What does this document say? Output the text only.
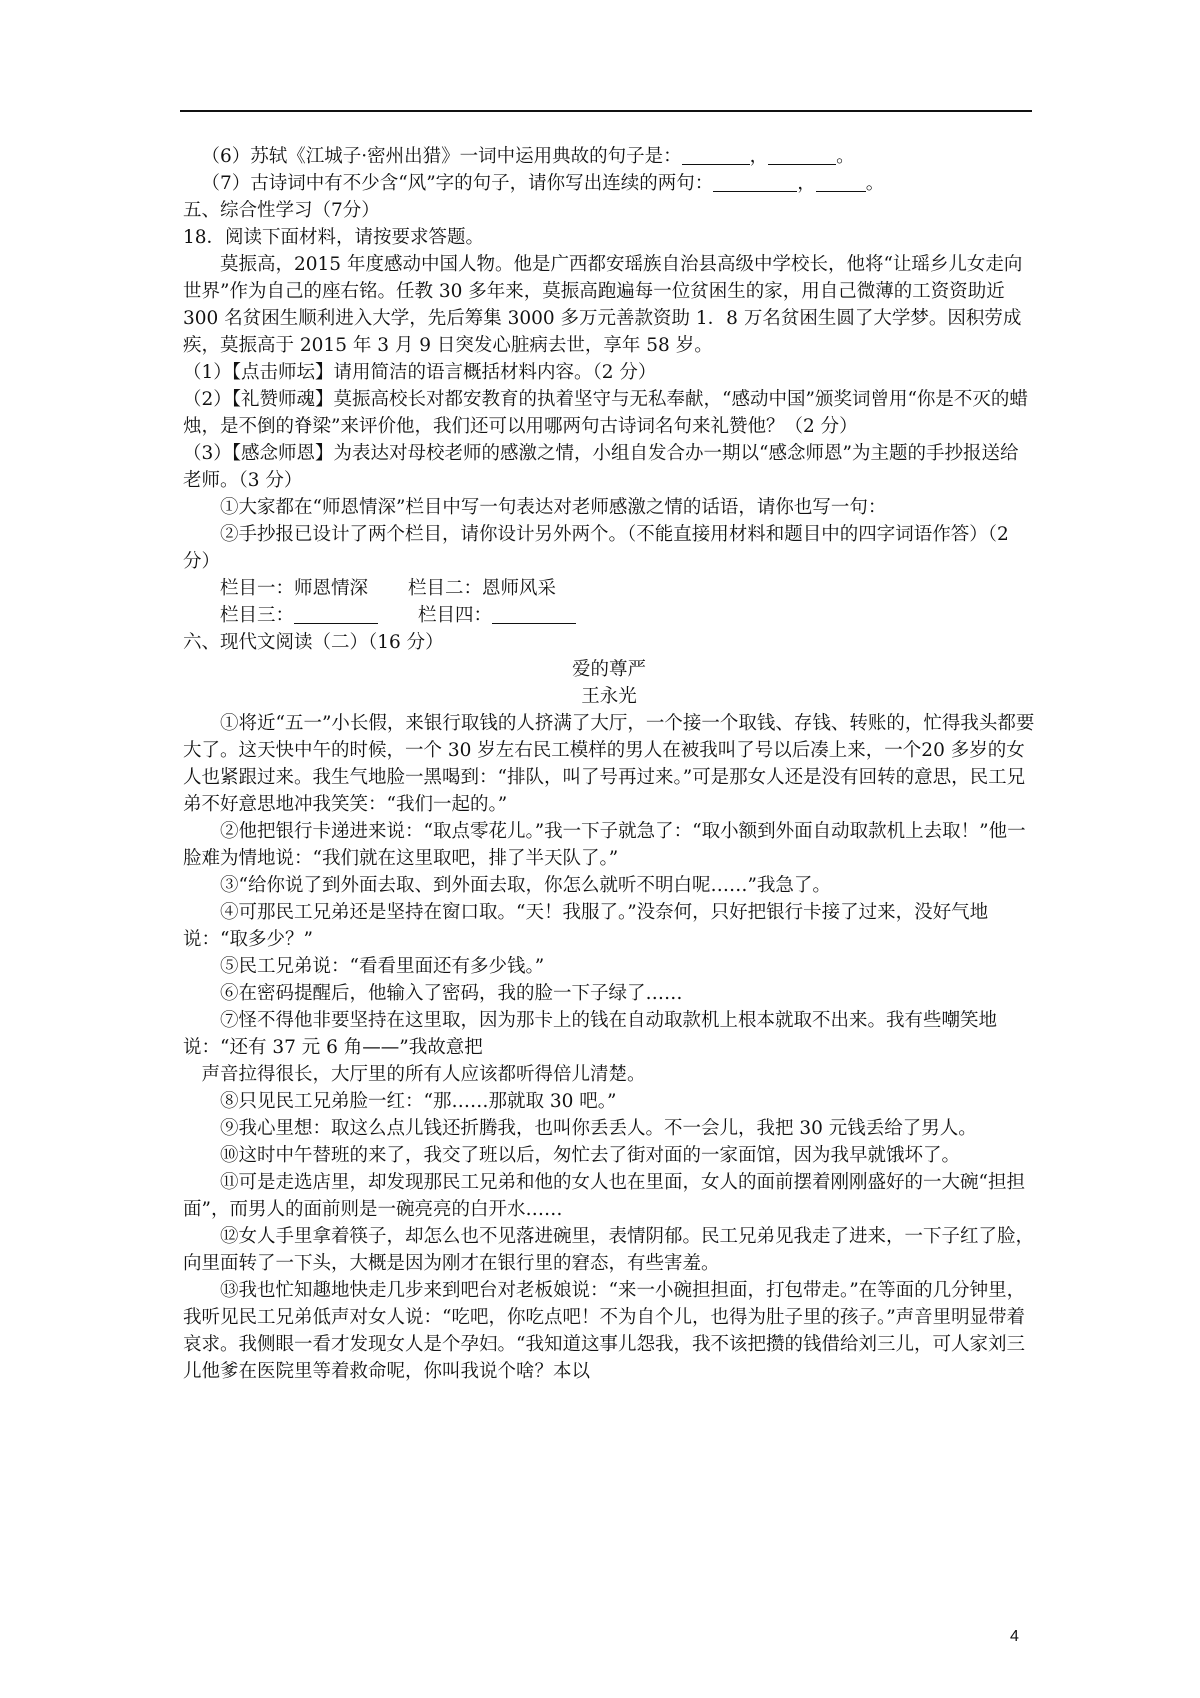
（6）苏轼《江城子·密州出猎》一词中运用典故的句子是：	，	。

（7）古诗词中有不少含“风”字的句子，请你写出连续的两句：	，	。

五、综合性学习（7分）

18．阅读下面材料，请按要求答题。

莫振高，2015 年度感动中国人物。他是广西都安瑶族自治县高级中学校长，他将“让瑶乡儿女走向世界”作为自己的座右铭。任教 30 多年来，莫振高跑遍每一位贫困生的家，用自己微薄的工资资助近 300 名贫困生顺利进入大学，先后筹集 3000 多万元善款资助 1．8 万名贫困生圆了大学梦。因积劳成疾，莫振高于 2015 年 3 月 9 日突发心脏病去世，享年 58 岁。

（1）【点击师坛】请用简洁的语言概括材料内容。（2 分）

（2）【礼赞师魂】莫振高校长对都安教育的执着坚守与无私奉献，“感动中国”颁奖词曾用“你是不灭的蜡烛，是不倒的脊梁”来评价他，我们还可以用哪两句古诗词名句来礼赞他？（2 分）

（3）【感念师恩】为表达对母校老师的感激之情，小组自发合办一期以“感念师恩”为主题的手抄报送给老师。（3 分）

①大家都在“师恩情深”栏目中写一句表达对老师感激之情的话语，请你也写一句：

②手抄报已设计了两个栏目，请你设计另外两个。（不能直接用材料和题目中的四字词语作答）（2 分）

栏目一：师恩情深 栏目二：恩师风采

栏目三：	栏目四：

六、现代文阅读（二）（16 分）

爱的尊严

王永光

①将近“五一”小长假，来银行取钱的人挤满了大厅，一个接一个取钱、存钱、转账的，忙得我头都要大了。这天快中午的时候，一个 30 岁左右民工模样的男人在被我叫了号以后凑上来，一个20 多岁的女人也紧跟过来。我生气地脸一黑喝到：“排队，叫了号再过来。”可是那女人还是没有回转的意思，民工兄弟不好意思地冲我笑笑：“我们一起的。”

②他把银行卡递进来说：“取点零花儿。”我一下子就急了：“取小额到外面自动取款机上去取！”他一脸难为情地说：“我们就在这里取吧，排了半天队了。”

③“给你说了到外面去取、到外面去取，你怎么就听不明白呢……”我急了。

④可那民工兄弟还是坚持在窗口取。“天！我服了。”没奈何，只好把银行卡接了过来，没好气地说：“取多少？”

⑤民工兄弟说：“看看里面还有多少钱。”

⑥在密码提醒后，他输入了密码，我的脸一下子绿了……

⑦怪不得他非要坚持在这里取，因为那卡上的钱在自动取款机上根本就取不出来。我有些嘲笑地说：“还有 37 元 6 角——”我故意把

声音拉得很长，大厅里的所有人应该都听得倍儿清楚。

⑧只见民工兄弟脸一红：“那……那就取 30 吧。”

⑨我心里想：取这么点儿钱还折腾我，也叫你丢丢人。不一会儿，我把 30 元钱丢给了男人。

⑩这时中午替班的来了，我交了班以后，匆忙去了街对面的一家面馆，因为我早就饿坏了。

⑪可是走选店里，却发现那民工兄弟和他的女人也在里面，女人的面前摆着刚刚盛好的一大碗“担担面”，而男人的面前则是一碗亮亮的白开水……

⑫女人手里拿着筷子，却怎么也不见落进碗里，表情阴郁。民工兄弟见我走了进来，一下子红了脸，向里面转了一下头，大概是因为刚才在银行里的窘态，有些害羞。

⑬我也忙知趣地快走几步来到吧台对老板娘说：“来一小碗担担面，打包带走。”在等面的几分钟里，我听见民工兄弟低声对女人说：“吃吧，你吃点吧！不为自个儿，也得为肚子里的孩子。”声音里明显带着哀求。我侧眼一看才发现女人是个孕妇。“我知道这事儿怨我，我不该把攒的钱借给刘三儿，可人家刘三儿他爹在医院里等着救命呢，你叫我说个啥？本以

4
